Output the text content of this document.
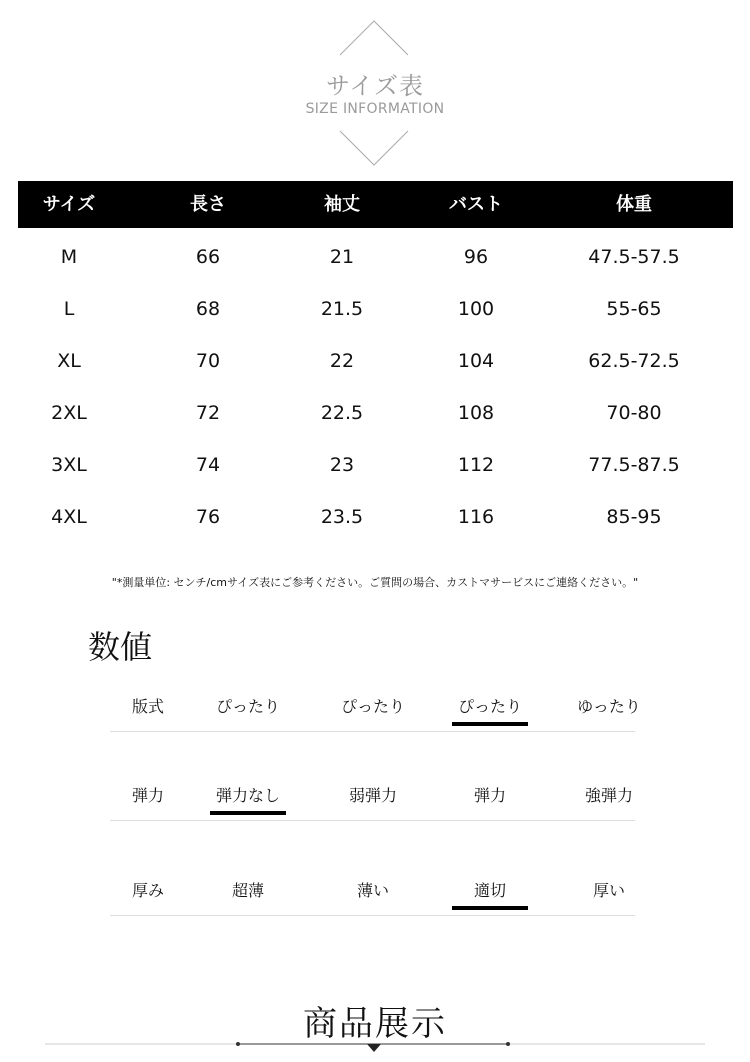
サイズ表
SIZE INFORMATION
サイズ	長さ	袖丈	バスト	体重
M	66	21	96	47.5-57.5
L	68	21.5	100	55-65
XL	70	22	104	62.5-72.5
2XL	72	22.5	108	70-80
3XL	74	23	112	77.5-87.5
4XL	76	23.5	116	85-95
"*測量単位: センチ/cmサイズ表にご参考ください。ご質問の場合、カストマサービスにご連絡ください。"
数値
版式	ぴったり	ぴったり	ぴったり	ゆったり
弾力	弾力なし	弱弾力	弾力	強弾力
厚み	超薄	薄い	適切	厚い
商品展示
